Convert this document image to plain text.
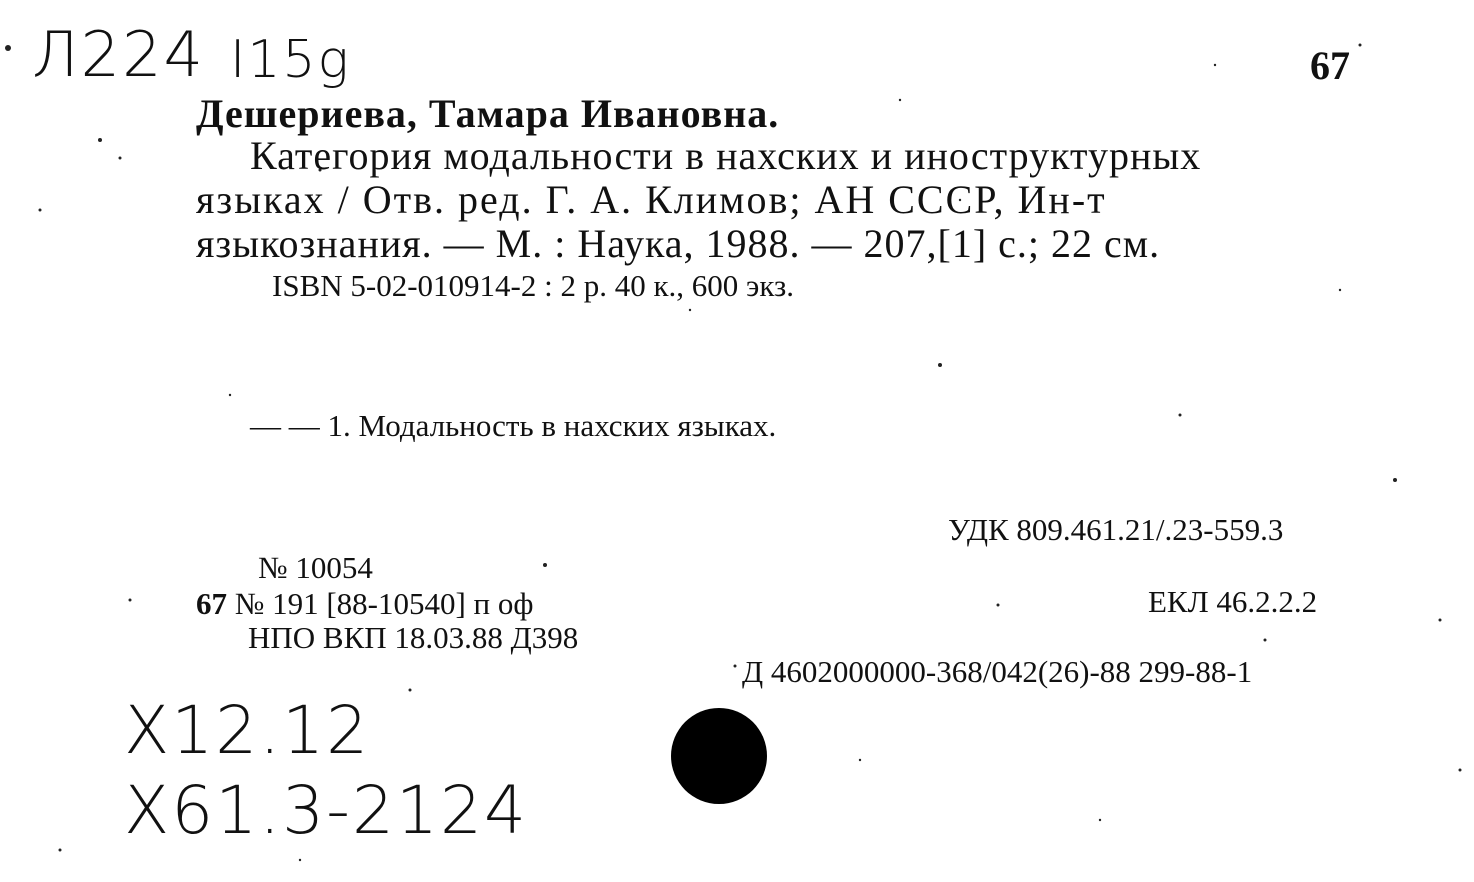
Л224 I15g	67
Дешериева, Тамара Ивановна.
Категория модальности в нахских и иноструктурных
языках / Отв. ред. Г. А. Климов; АН СССР, Ин-т
языкознания. — М. : Наука, 1988. — 207,[1] с.; 22 см.
ISBN 5-02-010914-2 : 2 р. 40 к., 600 экз.
— — 1. Модальность в нахских языках.
УДК 809.461.21/.23-559.3
№ 10054
67 № 191 [88-10540] п оф	ЕКЛ 46.2.2.2
НПО ВКП 18.03.88 Д398
Д 4602000000-368/042(26)-88 299-88-1
X12.12
X61.3-2124
